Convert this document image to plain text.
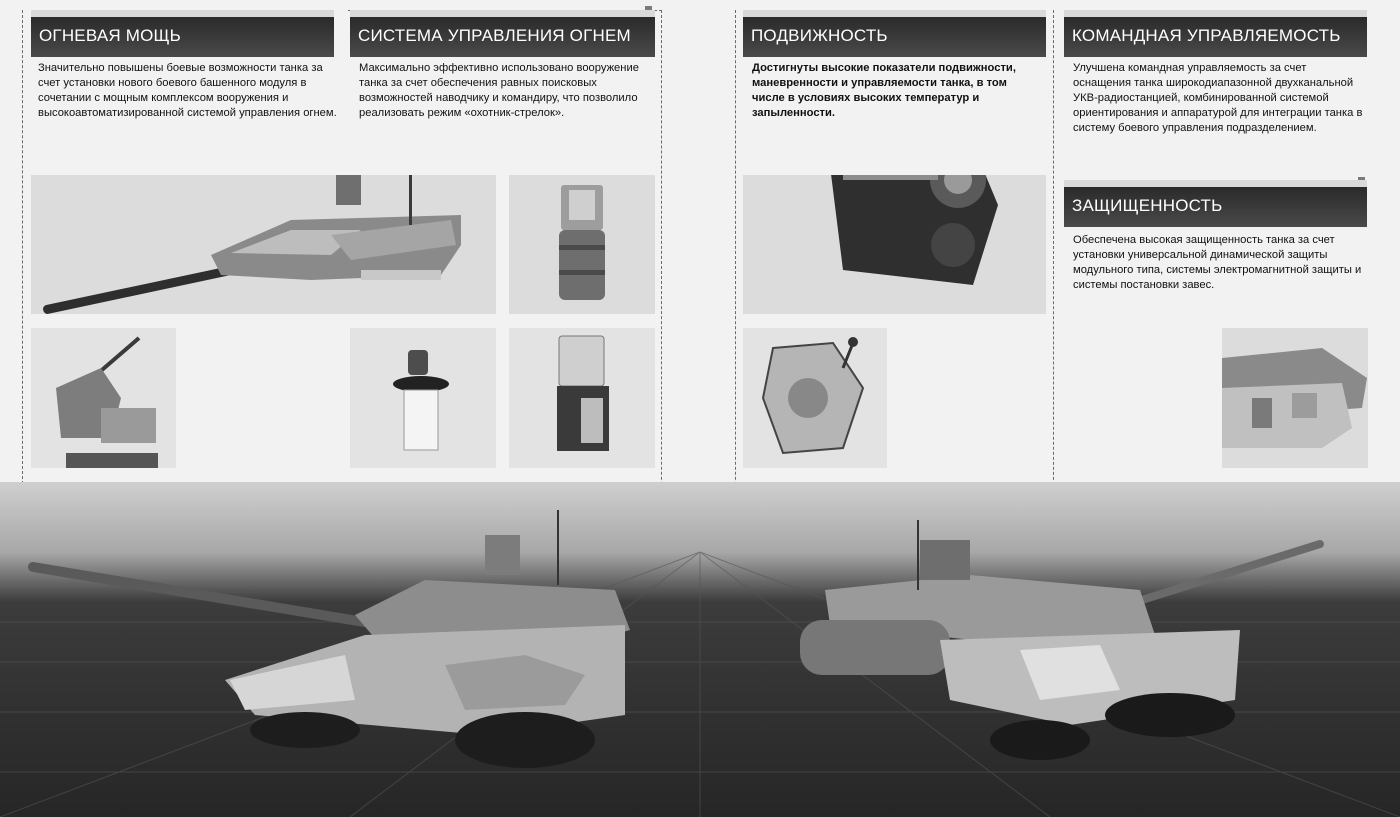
ОГНЕВАЯ МОЩЬ
Значительно повышены боевые возможности танка за счет установки нового боевого башенного модуля в сочетании с мощным комплексом вооружения и высокоавтоматизированной системой управления огнем.
СИСТЕМА УПРАВЛЕНИЯ ОГНЕМ
Максимально эффективно использовано вооружение танка за счет обеспечения равных поисковых возможностей наводчику и командиру, что позволило реализовать режим «охотник-стрелок».
ПОДВИЖНОСТЬ
Достигнуты высокие показатели подвижности, маневренности и управляемости танка, в том числе в условиях высоких температур и запыленности.
КОМАНДНАЯ УПРАВЛЯЕМОСТЬ
Улучшена командная управляемость за счет оснащения танка широкодиапазонной двухканальной УКВ-радиостанцией, комбинированной системой ориентирования и аппаратурой для интеграции танка в систему боевого управления подразделением.
ЗАЩИЩЕННОСТЬ
Обеспечена высокая защищенность танка за счет установки универсальной динамической защиты модульного типа, системы электромагнитной защиты и системы постановки завес.
